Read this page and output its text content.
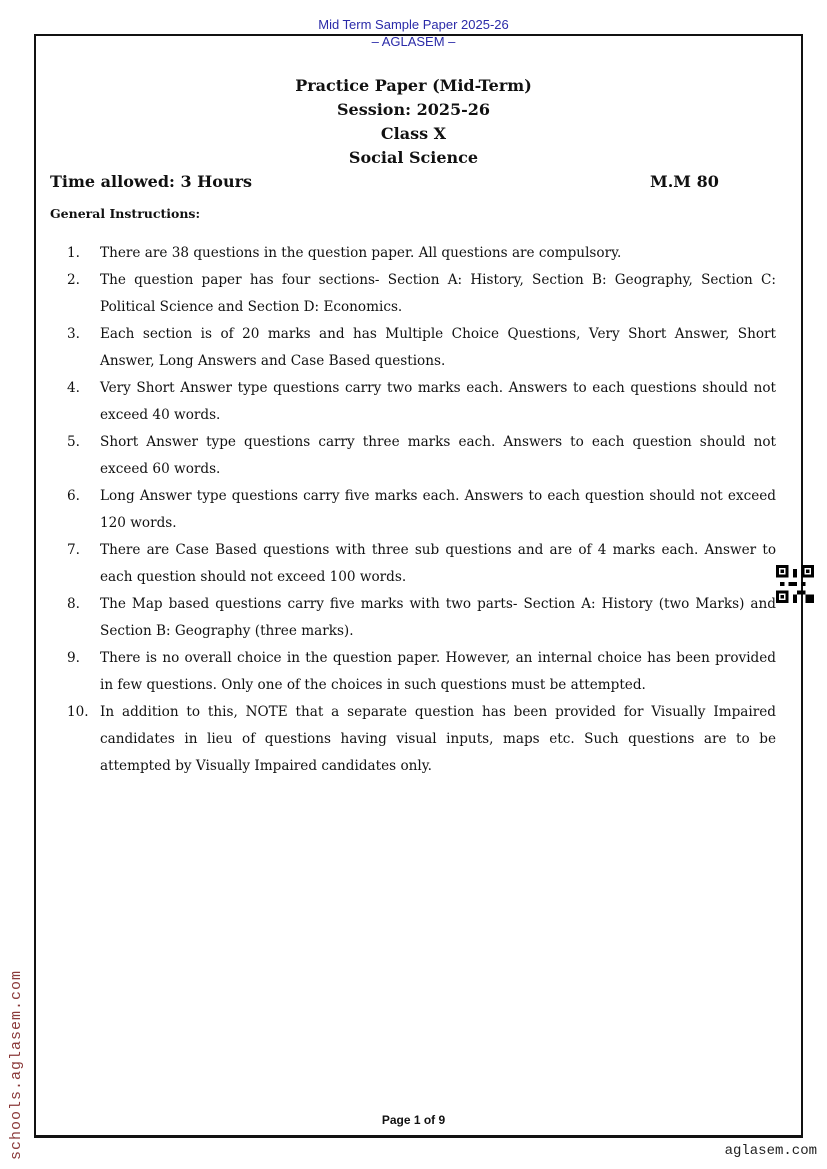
Mid Term Sample Paper 2025-26
– AGLASEM –
Practice Paper (Mid-Term)
Session: 2025-26
Class X
Social Science
Time allowed: 3 Hours	M.M 80
General Instructions:
1. There are 38 questions in the question paper. All questions are compulsory.
2. The question paper has four sections- Section A: History, Section B: Geography, Section C: Political Science and Section D: Economics.
3. Each section is of 20 marks and has Multiple Choice Questions, Very Short Answer, Short Answer, Long Answers and Case Based questions.
4. Very Short Answer type questions carry two marks each. Answers to each questions should not exceed 40 words.
5. Short Answer type questions carry three marks each. Answers to each question should not exceed 60 words.
6. Long Answer type questions carry five marks each. Answers to each question should not exceed 120 words.
7. There are Case Based questions with three sub questions and are of 4 marks each. Answer to each question should not exceed 100 words.
8. The Map based questions carry five marks with two parts- Section A: History (two Marks) and Section B: Geography (three marks).
9. There is no overall choice in the question paper. However, an internal choice has been provided in few questions. Only one of the choices in such questions must be attempted.
10. In addition to this, NOTE that a separate question has been provided for Visually Impaired candidates in lieu of questions having visual inputs, maps etc. Such questions are to be attempted by Visually Impaired candidates only.
Page 1 of 9
schools.aglasem.com	aglasem.com
